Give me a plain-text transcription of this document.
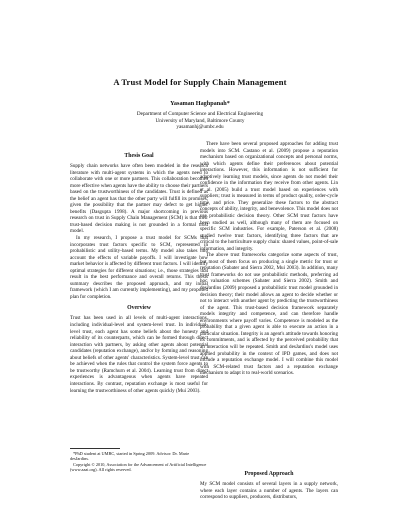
A Trust Model for Supply Chain Management
Yasaman Haghpanah*
Department of Computer Science and Electrical Engineering
University of Maryland, Baltimore County
yasamanhj@umbc.edu
Thesis Goal

Supply chain networks have often been modeled in the research literature with multi-agent systems in which the agents need to collaborate with one or more partners. This collaboration becomes more effective when agents have the ability to choose their partners based on the trustworthiness of the candidates. Trust is defined as the belief an agent has that the other party will fulfill its promises, given the possibility that the partner may defect to get higher benefits (Dasgupta 1998). A major shortcoming in previous research on trust in Supply Chain Management (SCM) is that their trust-based decision making is not grounded in a formal trust model.

In my research, I propose a trust model for SCMs that incorporates trust factors specific to SCM, represented in probabilistic and utility-based terms. My model also takes into account the effects of variable payoffs. I will investigate how market behavior is affected by different trust factors. I will identify optimal strategies for different situations; i.e., those strategies that result in the best performance and overall returns. This thesis summary describes the proposed approach, and my initial framework (which I am currently implementing), and my proposed plan for completion.

Overview

Trust has been used in all levels of multi-agent interactions, including individual-level and system-level trust. In individual-level trust, each agent has some beliefs about the honesty and reliability of its counterparts, which can be formed through direct interaction with partners, by asking other agents about potential candidates (reputation exchange), and/or by forming and reasoning about beliefs of other agents' characteristics. System-level trust can be achieved when the rules that control the system force agents to be trustworthy (Ramchurn et al. 2004). Learning trust from direct experiences is advantageous when agents have repeated interactions. By contrast, reputation exchange is most useful for learning the trustworthiness of other agents quickly (Mui 2003).

*PhD student at UMBC, started in Spring 2009. Advisor: Dr. Marie desJardins.
Copyright © 2010, Association for the Advancement of Artificial Intelligence (www.aaai.org). All rights reserved.

There have been several proposed approaches for adding trust models into SCM. Castano et al. (2009) propose a reputation mechanism based on organizational concepts and personal norms, with which agents define their preferences about potential interactions. However, this information is not sufficient for adaptively learning trust models, since agents do not model their confidence in the information they receive from other agents. Lin et al. (2005) build a trust model based on experiences with suppliers; trust is measured in terms of product quality, order-cycle time, and price. They generalize these factors to the abstract concepts of ability, integrity, and benevolence. This model does not use probabilistic decision theory. Other SCM trust factors have been studied as well, although many of them are focused on specific SCM industries. For example, Paterson et al. (2008) studied twelve trust factors, identifying three factors that are critical to the horticulture supply chain: shared values, point-of-sale information, and integrity.

The above trust frameworks categorize some aspects of trust, but most of them focus on producing a single metric for trust or reputation (Sabater and Sierra 2002, Mui 2003). In addition, many trust frameworks do not use probabilistic methods, preferring ad hoc valuation schemes (Sabater and Sierra 2002). Smith and desJardins (2009) proposed a probabilistic trust model grounded in decision theory; their model allows an agent to decide whether or not to interact with another agent by predicting the trustworthiness of the agent. This trust-based decision framework separately models integrity and competence, and can therefore handle environments where payoff varies. Competence is modeled as the probability that a given agent is able to execute an action in a particular situation. Integrity is an agent's attitude towards honoring its commitments, and is affected by the perceived probability that an interaction will be repeated. Smith and desJardins's model uses applied probability in the context of IPD games, and does not include a reputation exchange model. I will combine this model with SCM-related trust factors and a reputation exchange mechanism to adapt it to real-world scenarios.

Proposed Approach

My SCM model consists of several layers in a supply network, where each layer contains a number of agents. The layers can correspond to suppliers, producers, distributors,
